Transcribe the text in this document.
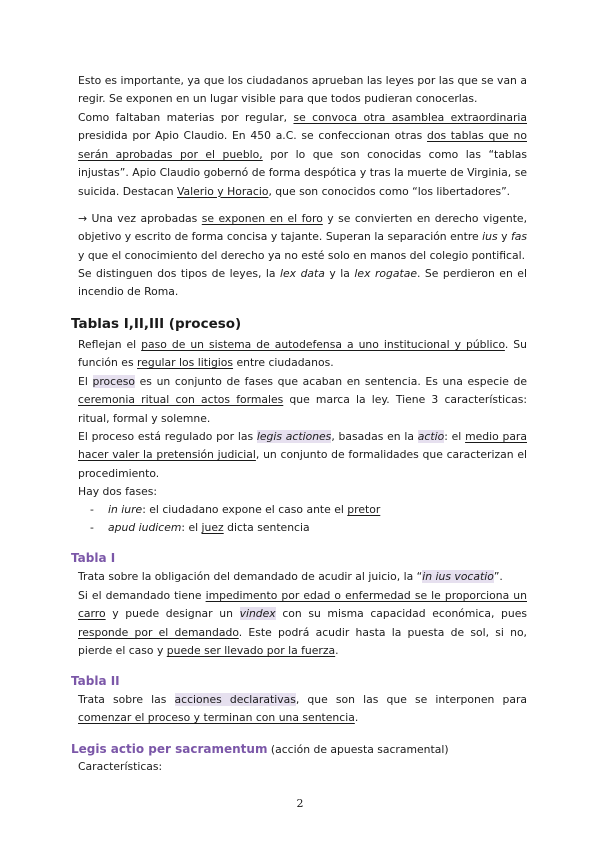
Esto es importante, ya que los ciudadanos aprueban las leyes por las que se van a regir. Se exponen en un lugar visible para que todos pudieran conocerlas.

Como faltaban materias por regular, se convoca otra asamblea extraordinaria presidida por Apio Claudio. En 450 a.C. se confeccionan otras dos tablas que no serán aprobadas por el pueblo, por lo que son conocidas como las “tablas injustas”. Apio Claudio gobernó de forma despótica y tras la muerte de Virginia, se suicida. Destacan Valerio y Horacio, que son conocidos como “los libertadores”.

→ Una vez aprobadas se exponen en el foro y se convierten en derecho vigente, objetivo y escrito de forma concisa y tajante. Superan la separación entre ius y fas y que el conocimiento del derecho ya no esté solo en manos del colegio pontifical.

Se distinguen dos tipos de leyes, la lex data y la lex rogatae. Se perdieron en el incendio de Roma.

Tablas I,II,III (proceso)

Reflejan el paso de un sistema de autodefensa a uno institucional y público. Su función es regular los litigios entre ciudadanos.

El proceso es un conjunto de fases que acaban en sentencia. Es una especie de ceremonia ritual con actos formales que marca la ley. Tiene 3 características: ritual, formal y solemne.

El proceso está regulado por las legis actiones, basadas en la actio: el medio para hacer valer la pretensión judicial, un conjunto de formalidades que caracterizan el procedimiento.

Hay dos fases:

- in iure: el ciudadano expone el caso ante el pretor

- apud iudicem: el juez dicta sentencia

Tabla I

Trata sobre la obligación del demandado de acudir al juicio, la “in ius vocatio”.

Si el demandado tiene impedimento por edad o enfermedad se le proporciona un carro y puede designar un vindex con su misma capacidad económica, pues responde por el demandado. Este podrá acudir hasta la puesta de sol, si no, pierde el caso y puede ser llevado por la fuerza.

Tabla II

Trata sobre las acciones declarativas, que son las que se interponen para comenzar el proceso y terminan con una sentencia.

Legis actio per sacramentum (acción de apuesta sacramental)

Características:

2
